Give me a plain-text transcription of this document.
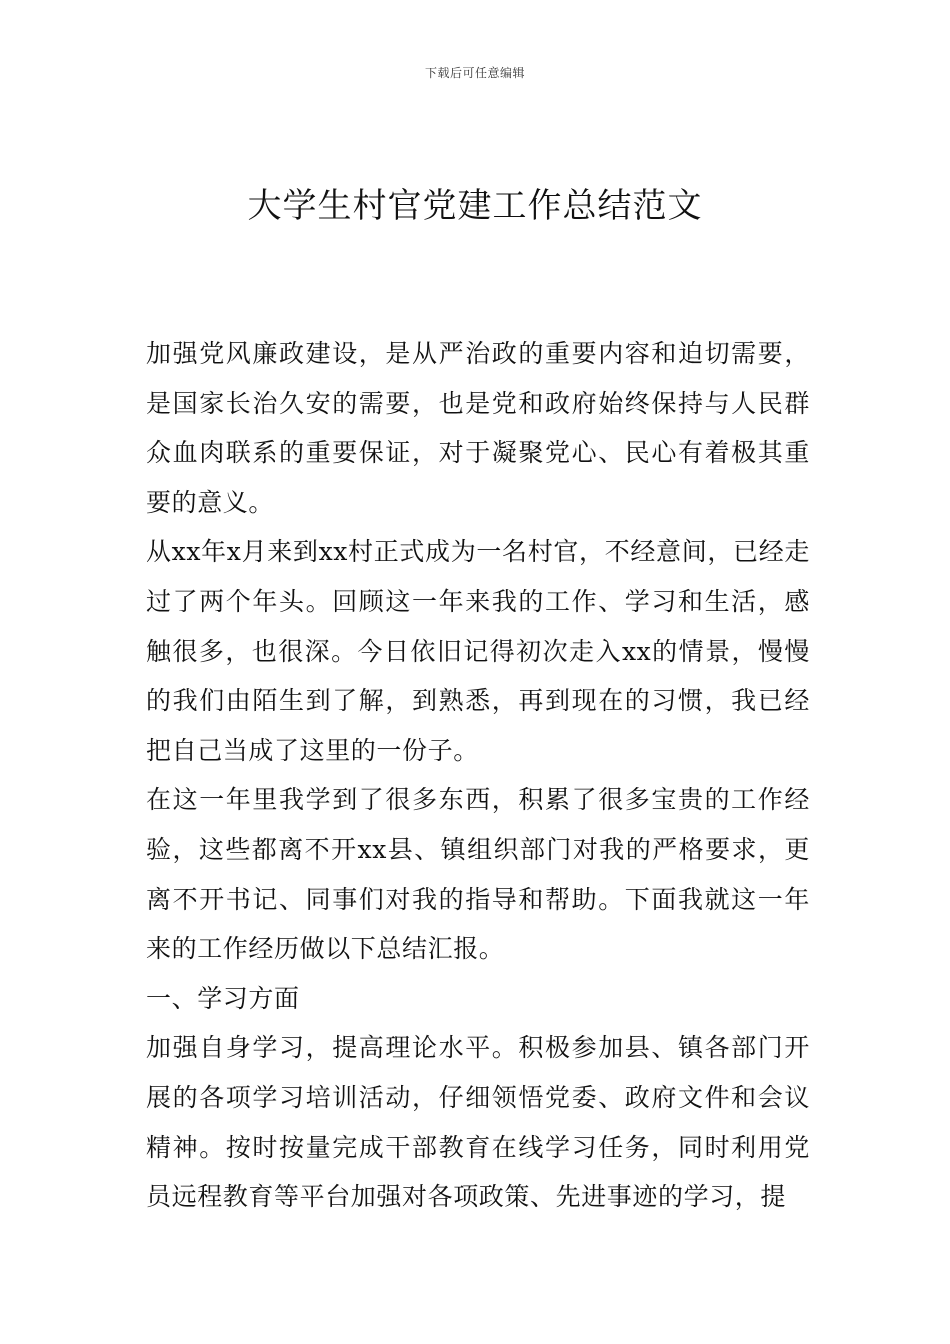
下载后可任意编辑
大学生村官党建工作总结范文

加强党风廉政建设，是从严治政的重要内容和迫切需要，是国家长治久安的需要，也是党和政府始终保持与人民群众血肉联系的重要保证，对于凝聚党心、民心有着极其重要的意义。

从xx年x月来到xx村正式成为一名村官，不经意间，已经走过了两个年头。回顾这一年来我的工作、学习和生活，感触很多，也很深。今日依旧记得初次走入xx的情景，慢慢的我们由陌生到了解，到熟悉，再到现在的习惯，我已经把自己当成了这里的一份子。

在这一年里我学到了很多东西，积累了很多宝贵的工作经验，这些都离不开xx县、镇组织部门对我的严格要求，更离不开书记、同事们对我的指导和帮助。下面我就这一年来的工作经历做以下总结汇报。

一、学习方面

加强自身学习，提高理论水平。积极参加县、镇各部门开展的各项学习培训活动，仔细领悟党委、政府文件和会议精神。按时按量完成干部教育在线学习任务，同时利用党员远程教育等平台加强对各项政策、先进事迹的学习，提
